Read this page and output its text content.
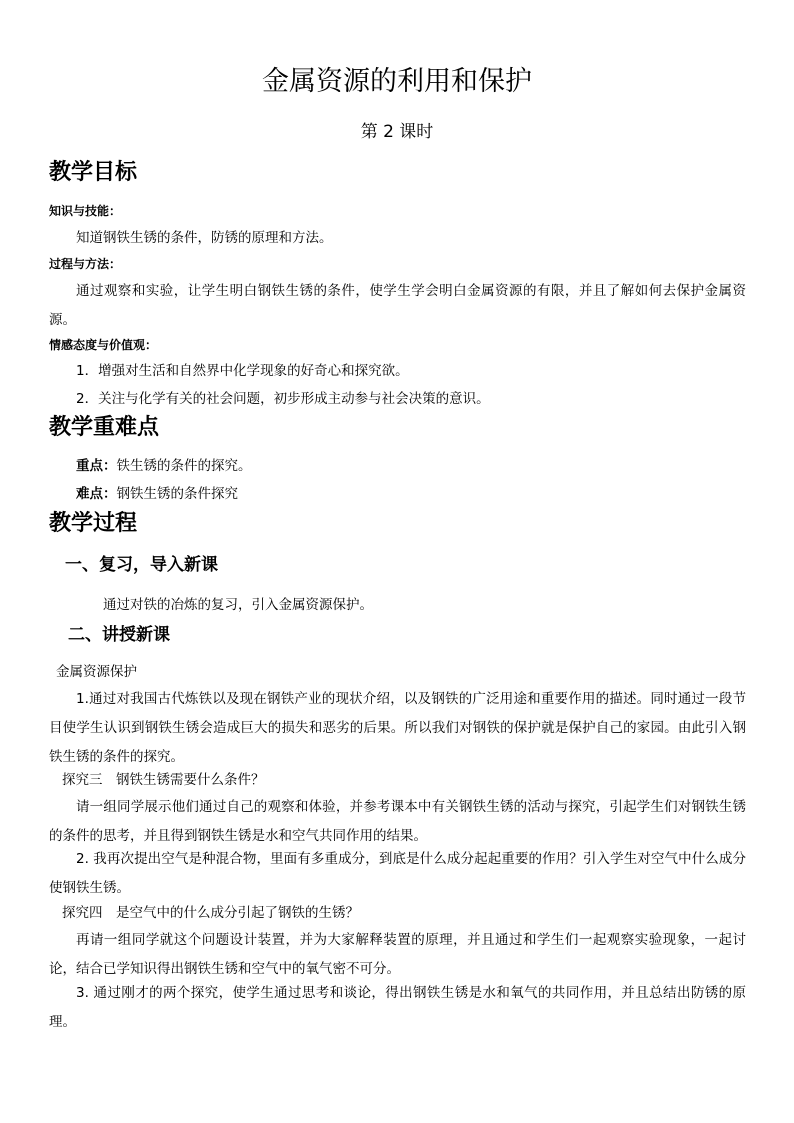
金属资源的利用和保护
第 2 课时
教学目标
知识与技能：
知道钢铁生锈的条件，防锈的原理和方法。
过程与方法：

通过观察和实验，让学生明白钢铁生锈的条件，使学生学会明白金属资源的有限，并且了解如何去保护金属资源。

情感态度与价值观：
1．增强对生活和自然界中化学现象的好奇心和探究欲。
2．关注与化学有关的社会问题，初步形成主动参与社会决策的意识。
教学重难点
重点：铁生锈的条件的探究。
难点：钢铁生锈的条件探究
教学过程
一、复习，导入新课
通过对铁的冶炼的复习，引入金属资源保护。
二、讲授新课
金属资源保护

1.通过对我国古代炼铁以及现在钢铁产业的现状介绍，以及钢铁的广泛用途和重要作用的描述。同时通过一段节目使学生认识到钢铁生锈会造成巨大的损失和恶劣的后果。所以我们对钢铁的保护就是保护自己的家园。由此引入钢铁生锈的条件的探究。

探究三　钢铁生锈需要什么条件？

请一组同学展示他们通过自己的观察和体验，并参考课本中有关钢铁生锈的活动与探究，引起学生们对钢铁生锈的条件的思考，并且得到钢铁生锈是水和空气共同作用的结果。

2. 我再次提出空气是种混合物，里面有多重成分，到底是什么成分起起重要的作用？引入学生对空气中什么成分使钢铁生锈。

探究四　是空气中的什么成分引起了钢铁的生锈？

再请一组同学就这个问题设计装置，并为大家解释装置的原理，并且通过和学生们一起观察实验现象，一起讨论，结合已学知识得出钢铁生锈和空气中的氧气密不可分。

3. 通过刚才的两个探究，使学生通过思考和谈论，得出钢铁生锈是水和氧气的共同作用，并且总结出防锈的原理。
